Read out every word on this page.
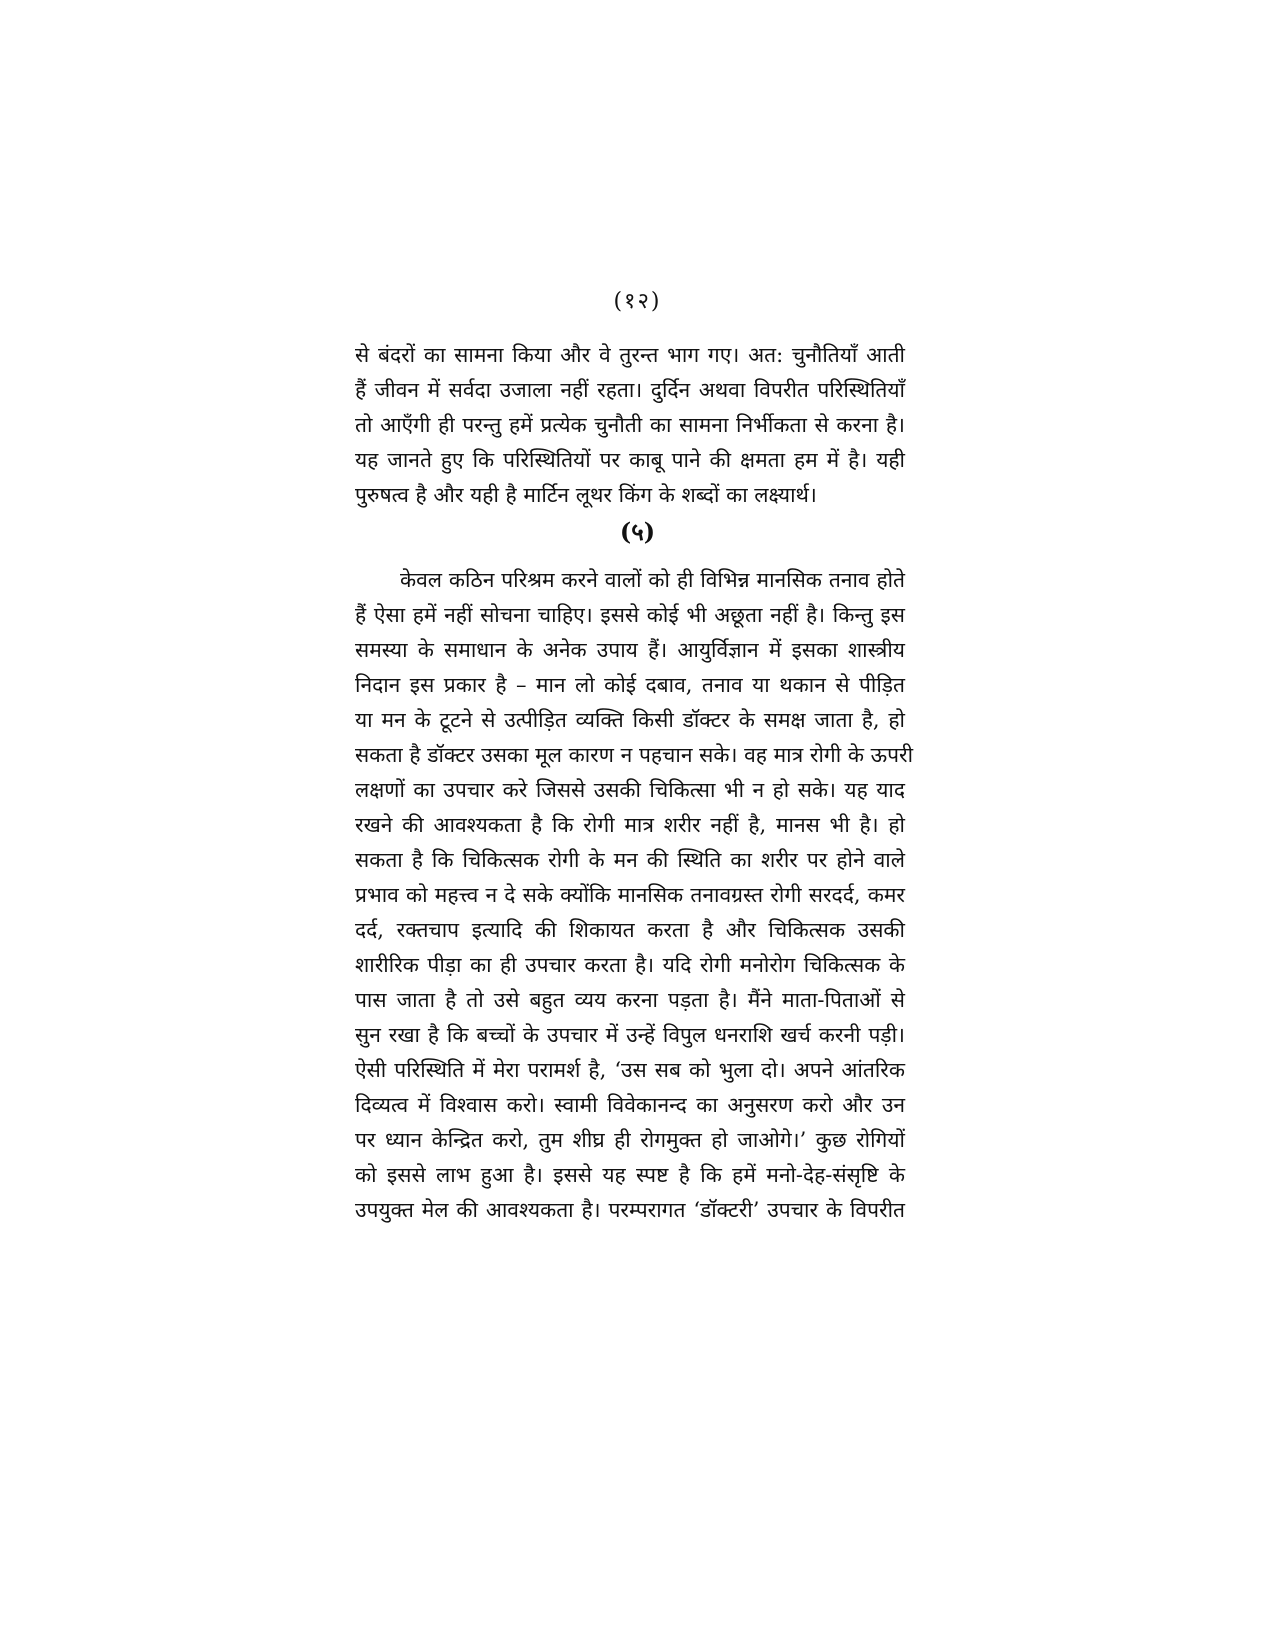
(१२)
से बंदरों का सामना किया और वे तुरन्त भाग गए। अत: चुनौतियाँ आती
हैं जीवन में सर्वदा उजाला नहीं रहता। दुर्दिन अथवा विपरीत परिस्थितियाँ
तो आएँगी ही परन्तु हमें प्रत्येक चुनौती का सामना निर्भीकता से करना है।
यह जानते हुए कि परिस्थितियों पर काबू पाने की क्षमता हम में है। यही
पुरुषत्व है और यही है मार्टिन लूथर किंग के शब्दों का लक्ष्यार्थ।
(५)
केवल कठिन परिश्रम करने वालों को ही विभिन्न मानसिक तनाव होते
हैं ऐसा हमें नहीं सोचना चाहिए। इससे कोई भी अछूता नहीं है। किन्तु इस
समस्या के समाधान के अनेक उपाय हैं। आयुर्विज्ञान में इसका शास्त्रीय
निदान इस प्रकार है – मान लो कोई दबाव, तनाव या थकान से पीड़ित
या मन के टूटने से उत्पीड़ित व्यक्ति किसी डॉक्टर के समक्ष जाता है, हो
सकता है डॉक्टर उसका मूल कारण न पहचान सके। वह मात्र रोगी के ऊपरी
लक्षणों का उपचार करे जिससे उसकी चिकित्सा भी न हो सके। यह याद
रखने की आवश्यकता है कि रोगी मात्र शरीर नहीं है, मानस भी है। हो
सकता है कि चिकित्सक रोगी के मन की स्थिति का शरीर पर होने वाले
प्रभाव को महत्त्व न दे सके क्योंकि मानसिक तनावग्रस्त रोगी सरदर्द, कमर
दर्द, रक्तचाप इत्यादि की शिकायत करता है और चिकित्सक उसकी
शारीरिक पीड़ा का ही उपचार करता है। यदि रोगी मनोरोग चिकित्सक के
पास जाता है तो उसे बहुत व्यय करना पड़ता है। मैंने माता-पिताओं से
सुन रखा है कि बच्चों के उपचार में उन्हें विपुल धनराशि खर्च करनी पड़ी।
ऐसी परिस्थिति में मेरा परामर्श है, ‘उस सब को भुला दो। अपने आंतरिक
दिव्यत्व में विश्वास करो। स्वामी विवेकानन्द का अनुसरण करो और उन
पर ध्यान केन्द्रित करो, तुम शीघ्र ही रोगमुक्त हो जाओगे।’ कुछ रोगियों
को इससे लाभ हुआ है। इससे यह स्पष्ट है कि हमें मनो-देह-संसृष्टि के
उपयुक्त मेल की आवश्यकता है। परम्परागत ‘डॉक्टरी’ उपचार के विपरीत
